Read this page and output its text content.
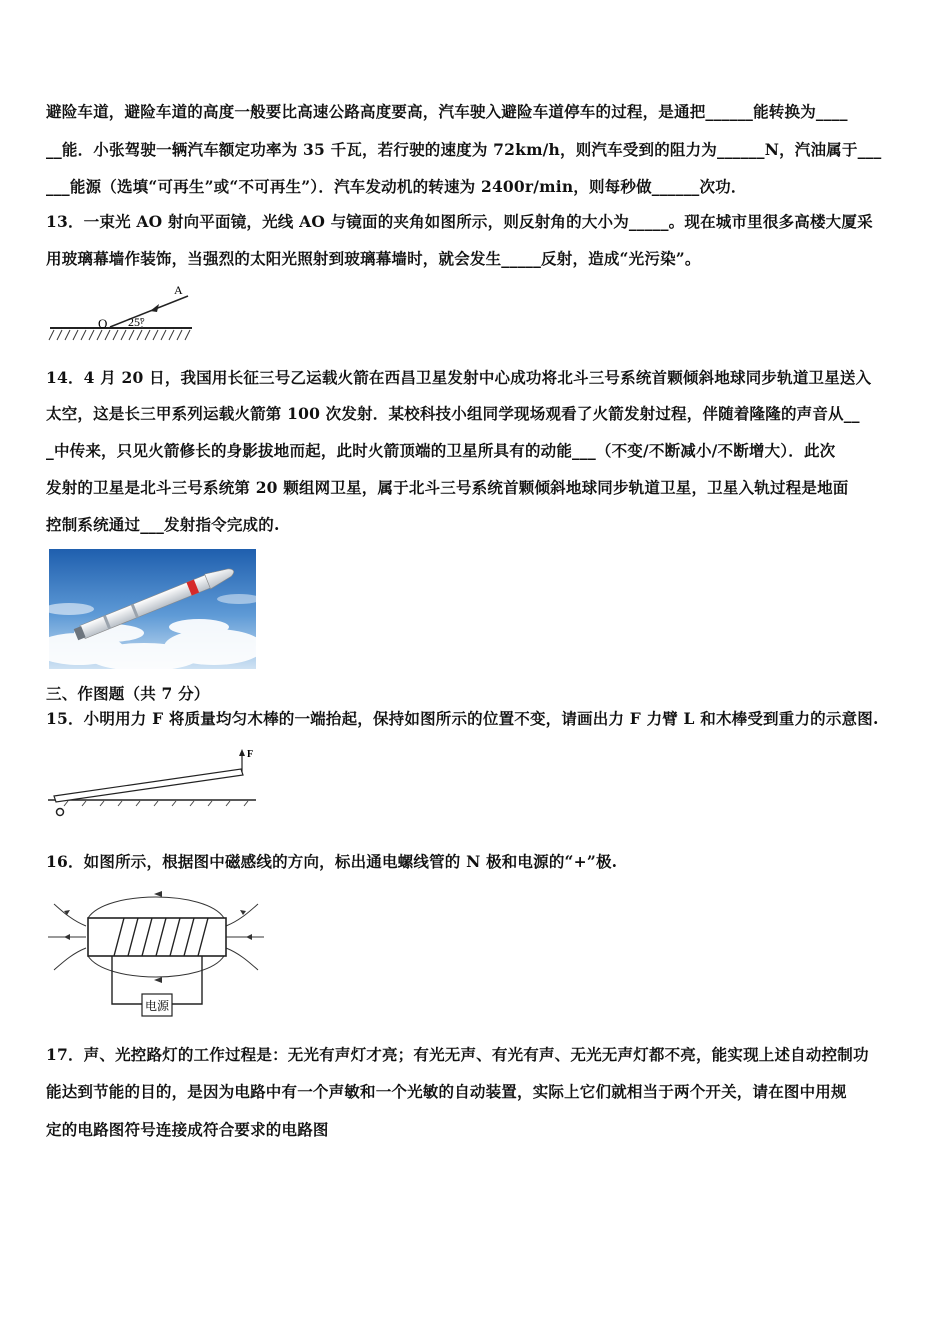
避险车道，避险车道的高度一般要比高速公路高度要高，汽车驶入避险车道停车的过程，是通把______能转换为____
__能．小张驾驶一辆汽车额定功率为 35 千瓦，若行驶的速度为 72km/h，则汽车受到的阻力为______N，汽油属于___
___能源（选填“可再生”或“不可再生”）．汽车发动机的转速为 2400r/min，则每秒做______次功．
13．一束光 AO 射向平面镜，光线 AO 与镜面的夹角如图所示，则反射角的大小为_____。现在城市里很多高楼大厦采
用玻璃幕墙作装饰，当强烈的太阳光照射到玻璃幕墙时，就会发生_____反射，造成“光污染”。
A
O 25°
14．4 月 20 日，我国用长征三号乙运载火箭在西昌卫星发射中心成功将北斗三号系统首颗倾斜地球同步轨道卫星送入
太空，这是长三甲系列运载火箭第 100 次发射．某校科技小组同学现场观看了火箭发射过程，伴随着隆隆的声音从__
_中传来，只见火箭修长的身影拔地而起，此时火箭顶端的卫星所具有的动能___（不变/不断减小/不断增大）．此次
发射的卫星是北斗三号系统第 20 颗组网卫星，属于北斗三号系统首颗倾斜地球同步轨道卫星，卫星入轨过程是地面
控制系统通过___发射指令完成的.
三、作图题（共 7 分）
15．小明用力 F 将质量均匀木棒的一端抬起，保持如图所示的位置不变，请画出力 F 力臂 L 和木棒受到重力的示意图.
F
16．如图所示，根据图中磁感线的方向，标出通电螺线管的 N 极和电源的“+”极.
电源
17．声、光控路灯的工作过程是：无光有声灯才亮；有光无声、有光有声、无光无声灯都不亮，能实现上述自动控制功
能达到节能的目的，是因为电路中有一个声敏和一个光敏的自动装置，实际上它们就相当于两个开关，请在图中用规
定的电路图符号连接成符合要求的电路图
